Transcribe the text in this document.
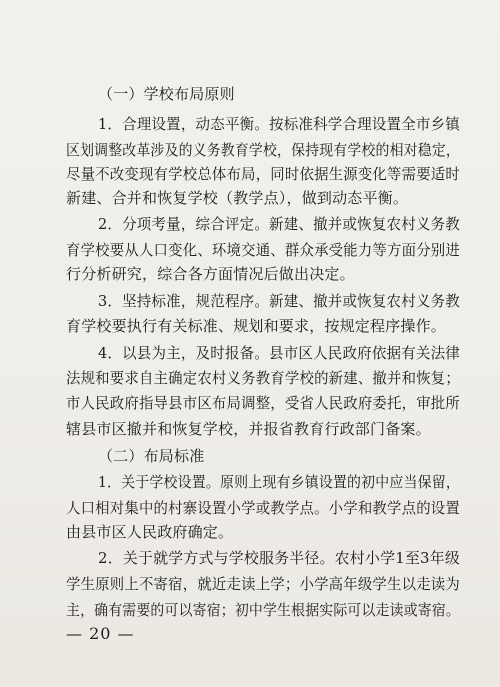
（一）学校布局原则
1．合理设置，动态平衡。按标准科学合理设置全市乡镇
区划调整改革涉及的义务教育学校，保持现有学校的相对稳定，
尽量不改变现有学校总体布局，同时依据生源变化等需要适时
新建、合并和恢复学校（教学点），做到动态平衡。
2．分项考量，综合评定。新建、撤并或恢复农村义务教
育学校要从人口变化、环境交通、群众承受能力等方面分别进
行分析研究，综合各方面情况后做出决定。
3．坚持标准，规范程序。新建、撤并或恢复农村义务教
育学校要执行有关标准、规划和要求，按规定程序操作。
4．以县为主，及时报备。县市区人民政府依据有关法律
法规和要求自主确定农村义务教育学校的新建、撤并和恢复；
市人民政府指导县市区布局调整，受省人民政府委托，审批所
辖县市区撤并和恢复学校，并报省教育行政部门备案。
（二）布局标准
1．关于学校设置。原则上现有乡镇设置的初中应当保留，
人口相对集中的村寨设置小学或教学点。小学和教学点的设置
由县市区人民政府确定。
2．关于就学方式与学校服务半径。农村小学1至3年级
学生原则上不寄宿，就近走读上学；小学高年级学生以走读为
主，确有需要的可以寄宿；初中学生根据实际可以走读或寄宿。
— 20 —
